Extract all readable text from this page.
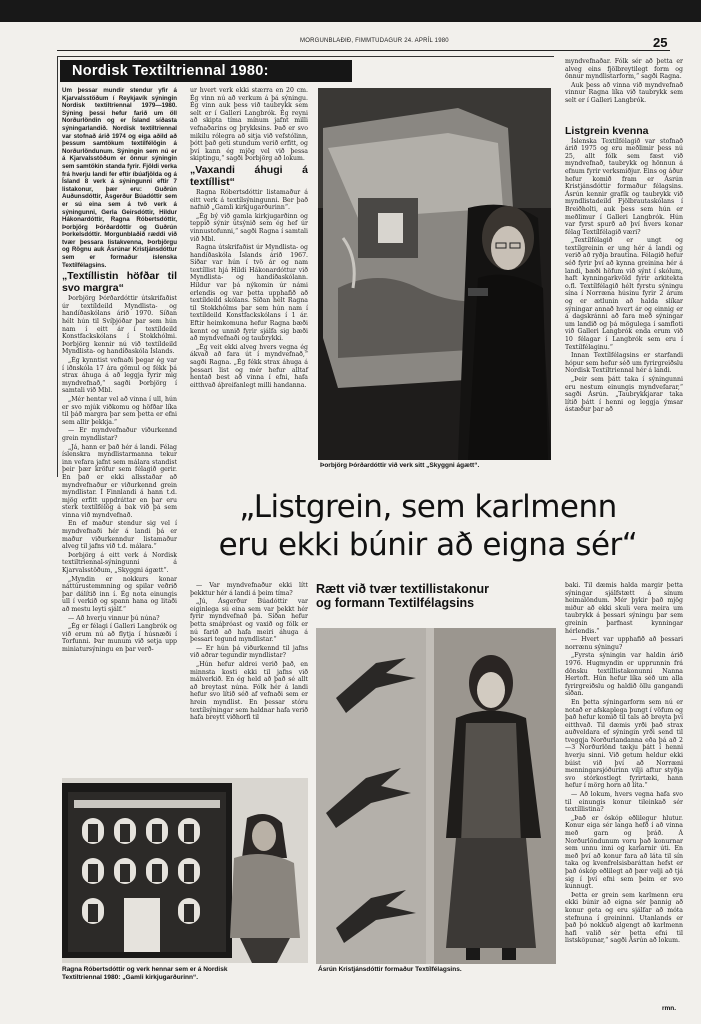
MORGUNBLAÐIÐ, FIMMTUDAGUR 24. APRÍL 1980	25
Nordisk Textiltriennal 1980:

Um þessar mundir stendur yfir á Kjarvalsstöðum í Reykjavík sýningin Nordisk textiltriennal 1979—1980. Sýning þessi hefur farið um öll Norðurlöndin og er Ísland síðasta sýningarlandið. Nordisk textiltriennal var stofnað árið 1974 og eiga aðild að þessum samtökum textilfélögin á Norðurlöndunum. Sýningin sem nú er á Kjarvalsstöðum er önnur sýningin sem samtökin standa fyrir. Fjöldi verka frá hverju landi fer eftir íbúafjölda og á Ísland 8 verk á sýningunni eftir 7 listakonur, þær eru: Guðrún Auðunsdóttir, Ásgerður Búadóttir sem er sú eina sem á tvö verk á sýningunni, Gerla Geirsdóttir, Hildur Hákonardóttir, Ragna Róbertsdóttir, Þorbjörg Þórðardóttir og Guðrún Þorkelsdóttir. Morgunblaðið ræddi við tvær þessara listakvenna, Þorbjörgu og Rögnu auk Ásrúnar Kristjánsdóttur sem er formaður íslenska Textílfélagsins.

„Textíllistin höfðar til svo margra“

Þorbjörg Þórðardóttir útskrifaðist úr textíldeild Myndlista- og handíðaskólans árið 1970. Síðan hélt hún til Svíþjóðar þar sem hún nam í eitt ár í textíldeild Konstfackskólans í Stokkhólmi. Þorbjörg kennir nú við textíldeild Myndlista- og handíðaskóla Íslands.

„Ég kynntist vefnaði þegar ég var í iðnskóla 17 ára gömul og fékk þá strax áhuga á að leggja fyrir mig myndvefnað,“ sagði Þorbjörg í samtali við Mbl.

„Mér hentar vel að vinna í ull, hún er svo mjúk viðkomu og höfðar líka til þáð margra þar sem þetta er efni sem allir þekkja.“

— Er myndvefnaður viðurkennd grein myndlistar?

„Já, hann er það hér á landi. Félag íslenskra myndlistarmanna tekur inn vefara jafnt sem málara standist þeir þær kröfur sem félagið gerir. En það er ekki allsstaðar að myndvefnaður er viðurkennd grein myndlistar. Í Finnlandi á hann t.d. mjög erfitt uppdráttar en þar eru sterk textílfélög á bak við þá sem vinna við myndvefnað.

En ef maður stendur sig vel í myndvefnaði hér á landi þá er maður viðurkenndur listamaður alveg til jafns við t.d. málara.“

Þorbjörg á eitt verk á Nordisk textiltriennal-sýningunni á Kjarvalsstöðum, „Skyggni ágætt“.

„Myndin er nokkurs konar náttúrustemmning og spilar veðrið þar dálítið inn í. Ég nota einungis ull í verkið og spann hana og litaði að mestu leyti sjálf.“

— Að hverju vinnur þú núna?

„Ég er félagi í Galleri Langbrók og við erum nú að flytja í húsnæði í Torfunni. Þar munum við setja upp miniatursýningu en þar verð-

ur hvert verk ekki stærra en 20 cm. Ég vinn nú að verkum á þá sýningu. Ég vinn auk þess við taubrykk sem selt er í Galleri Langbrók. Ég reyni að skipta tíma mínum jafnt milli vefnaðarins og þrykksins. Það er svo mikilu rólegra að sitja við vefstólinn, þótt það geti stundum verið erfitt, og því kann ég mjög vel við þessa skiptingu,“ sagði Þorbjörg að lokum.

„Vaxandi áhugi á textíllist“

Ragna Róbertsdóttir listamaður á eitt verk á textílsýningunni. Ber það nafnið „Gamli kirkjugarðurinn“.

„Ég bý við gamla kirkjugarðinn og teppið sýnir útsýnið sem ég hef úr vinnustofunni,“ sagði Ragna í samtali við Mbl.

Ragna útskrifaðist úr Myndlista- og handíðaskóla Íslands árið 1967. Síðar var hún í tvö ár og nam textíllist hjá Hildi Hákonardóttur við Myndlista- og handíðaskólann. Hildur var þá nýkomin úr námi erlendis og var þetta upphafið að textíldeild skólans. Síðan hélt Ragna til Stokkhólms þar sem hún nam í textíldeild Konstfackskólans í 1 ár. Eftir heimkomuna hefur Ragna bæði kennt og unnið fyrir sjálfa sig bæði að myndvefnaði og taubrykki.

„Ég veit ekki alveg hvers vegna ég ákvað að fara út í myndvefnað,“ sagði Ragna. „Ég fékk strax áhuga á þessari list og mér hefur alltaf hentað best að vinna í efni, hafa eitthvað áþreifanlegt milli handanna.

Þorbjörg Þórðardóttir við verk sitt „Skyggni ágætt“.

myndvefnaðar. Fólk sér að þetta er alveg eins fjölbreytilegt form og önnur myndlistarform,“ sagði Ragna.

Auk þess að vinna við myndvefnað vinnur Ragna líka við taubrykk sem selt er í Galleri Langbrók.

Listgrein kvenna

Íslenska Textílfélagið var stofnað árið 1975 og eru meðlimir þess nú 25, allt fólk sem fæst við myndvefnað, taubrykk og hönnun á efnum fyrir verksmiðjur. Eins og áður hefur komið fram er Ásrún Kristjánsdóttir formaður félagsins. Ásrún kennir grafík og taubrykk við myndlistadeild Fjölbrautaskólans í Breiðholti, auk þess sem hún er meðlimur í Galleri Langbrók. Hún var fyrst spurð að því hvers konar félag Textílfélagið væri?

„Textílfélagið er ungt og textílgreinin er ung hér á landi og verið að ryðja brautina. Félagið hefur séð fyrir því að kynna greinina hér á landi, bæði höfum við sýnt í skólum, haft kynningarkvöld fyrir arkitekta o.fl. Textílfélagið hélt fyrstu sýningu sína í Norræna húsinu fyrir 2 árum og er ætlunin að halda slíkar sýningar annað hvert ár og einnig er á dagskránni að fara með sýningar um landið og þá mögulega í samfloti við Galleri Langbrók enda erum við 10 félagar í Langbrók sem eru í Textílfélaginu.“

Innan Textílfélagsins er starfandi hópur sem hefur séð um fyrirgreiðslu Nordisk Textiltriennal hér á landi.

„Þeir sem þátt taka í sýningunni eru nestum einungis myndvefarar,“ sagði Ásrún. „Taubrykkjarar taka lítið þátt í henni og leggja ýmsar ástæður þar að

„Listgrein, sem karlmenn
eru ekki búnir að eigna sér“
Rætt við tvær textillistakonur
og formann Textilfélagsins

— Var myndvefnaður ekki lítt þekktur hér á landi á þeim tíma?

„Jú, Ásgerður Búadóttir var eiginlega sú eina sem var þekkt hér fyrir myndvefnað þá. Síðan hefur þetta smáþróast og vaxið og fólk er nú farið að hafa meiri áhuga á þessari tegund myndlistar.“

— Er hún þá viðurkennd til jafns við aðrar tegundir myndlistar?

„Hún hefur aldrei verið það, en minnsta kosti ekki til jafns við málverkið. En ég held að það sé allt að breytast núna. Fólk hér á landi hefur svo lítið séð af vefnaði sem er hrein myndlist. En þessar stóru textílsýningar sem haldnar hafa verið hafa breytt viðhorfi til

baki. Til dæmis halda margir þetta sýningar sjálfstætt á sínum heimalöndum. Mér þykir það mjög miður að ekki skuli vera meira um taubrykk á þessari sýningu þar sem greinin þarfnast kynningar hérlendis.“

— Hvert var upphafið að þessari norrænu sýningu?

„Fyrsta sýningin var haldin árið 1976. Hugmyndin er upprunnin frá dönsku textíllistakonunni Nanna Hertoft. Hún hefur líka séð um alla fyrirgreiðslu og haldið öllu gangandi síðan.

En þetta sýningarform sem nú er notað er afskaplega þungt í vöfum og það hefur komið til tals að breyta því eitthvað. Til dæmis yrði það strax auðveldara ef sýningin yrði send til tveggja Norðurlandanna eða þá að 2—3 Norðurlönd tækju þátt í henni hverju sinni. Við getum heldur ekki búist við því að Norræni menningarsjóðurinn vilji aftur styðja svo stórkostlegt fyrirtæki, hann hefur í mörg horn að líta.“

— Að lokum, hvers vegna hafa svo til einungis konur tileinkað sér textíllistina?

„Það er óskóp eðlilegur hlutur. Konur eiga sér langa hefð í að vinna með garn og þráð. Á Norðurlöndunum voru það konurnar sem unnu inni og karlarnir úti. En með því að konur fara að láta til sín taka og kvenfrelsisbaráttan hefst er það óskóp eðlilegt að þær velji að tjá sig í því efni sem þeim er svo kunnugt.

Þetta er grein sem karlmenn eru ekki búnir að eigna sér þannig að konur geta og eru sjálfar að móta stefnuna í greininni. Utanlands er það þó nokkuð algengt að karlmenn hafi valið sér þetta efni til listsköpunar,“ sagði Ásrún að lokum.

rmn.
Ragna Róbertsdóttir og verk hennar sem er á Nordisk
Textiltriennal 1980: „Gamli kirkjugarðurinn“.
Ásrún Kristjánsdóttir formaður Textílfélagsins.
